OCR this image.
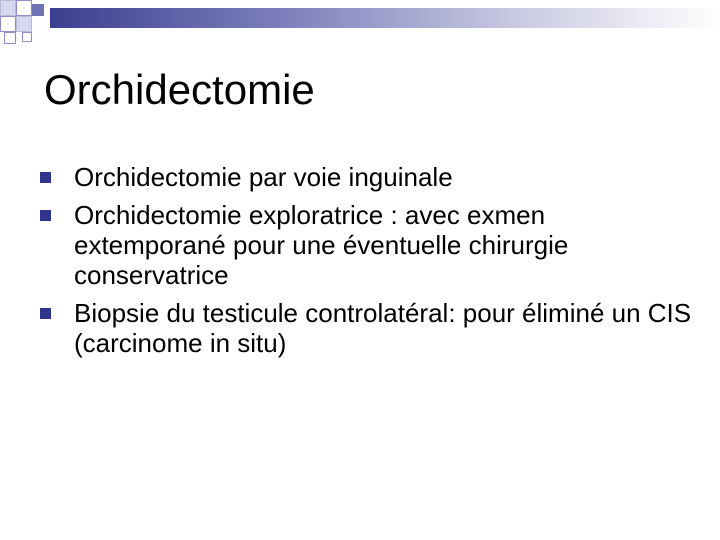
Orchidectomie
Orchidectomie par voie inguinale
Orchidectomie exploratrice : avec exmen extemporané pour une éventuelle chirurgie conservatrice
Biopsie du testicule controlatéral: pour éliminé un CIS (carcinome in situ)
